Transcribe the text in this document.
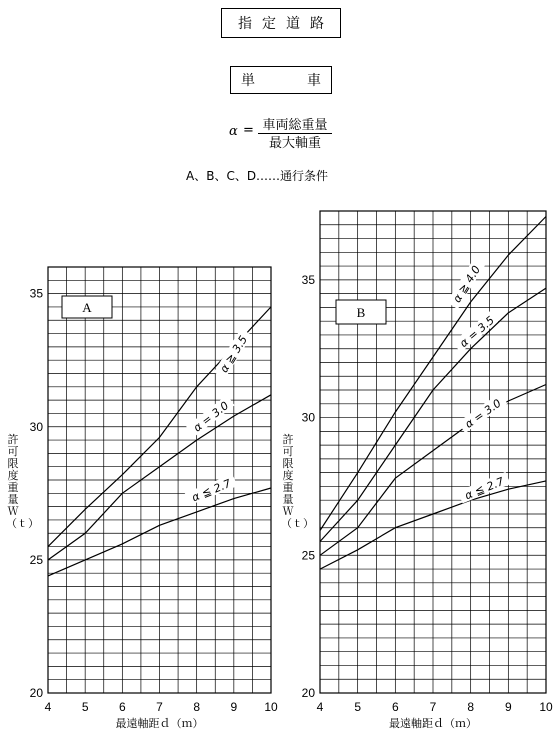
指定道路
単	車
α = 車両総重量
最大軸重
A、B、C、D……通行条件
4	5	6	7	8	9 10
20
25
30
35
最遠軸距ｄ（ｍ）
A
α ≧ 3.5
α = 3.0
α ≦ 2.7
4	5	6	7	8	9 10
20
25
30
35
最遠軸距ｄ（ｍ）
B
α ≧ 4.0
α = 3.5
α = 3.0
α ≦ 2.7
許可限度重量Ｗ（ｔ）
許可限度重量Ｗ（ｔ）
